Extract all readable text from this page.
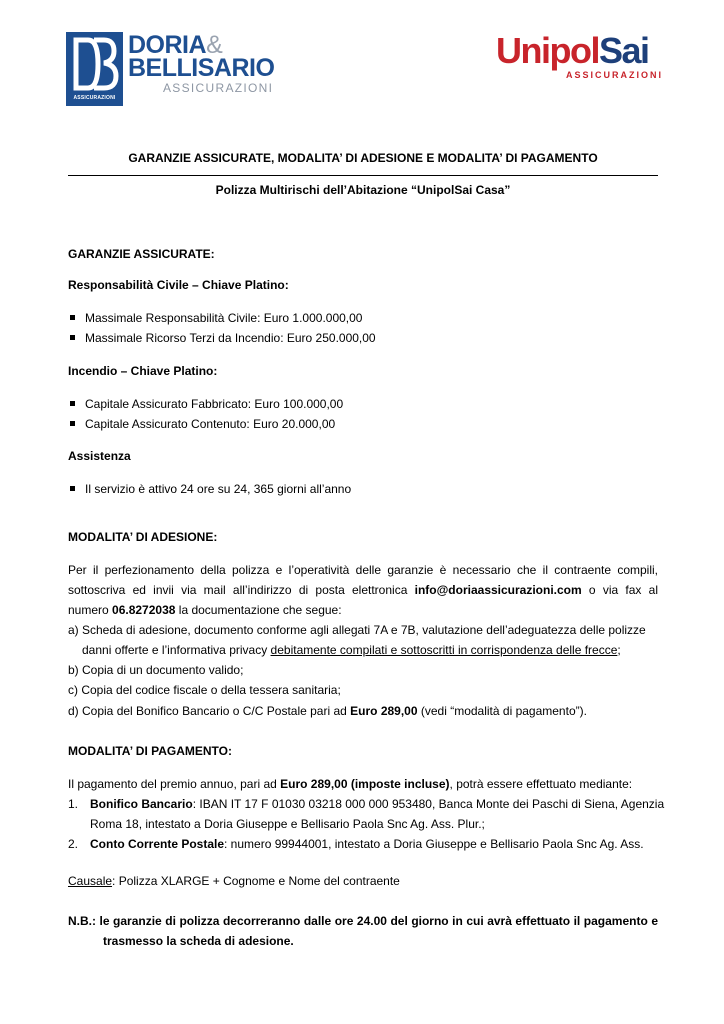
ASSICURAZIONI
DORIA&
BELLISARIO
ASSICURAZIONI
UnipolSai
ASSICURAZIONI
GARANZIE ASSICURATE, MODALITA’ DI ADESIONE E MODALITA’ DI PAGAMENTO
Polizza Multirischi dell’Abitazione “UnipolSai Casa”
GARANZIE ASSICURATE:
Responsabilità Civile – Chiave Platino:
Massimale Responsabilità Civile: Euro 1.000.000,00
Massimale Ricorso Terzi da Incendio: Euro 250.000,00
Incendio – Chiave Platino:
Capitale Assicurato Fabbricato: Euro 100.000,00
Capitale Assicurato Contenuto: Euro 20.000,00
Assistenza
Il servizio è attivo 24 ore su 24, 365 giorni all’anno
MODALITA’ DI ADESIONE:
Per il perfezionamento della polizza e l’operatività delle garanzie è necessario che il contraente compili,
sottoscriva ed invii via mail all’indirizzo di posta elettronica info@doriaassicurazioni.com o via fax al
numero 06.8272038 la documentazione che segue:
a) Scheda di adesione, documento conforme agli allegati 7A e 7B, valutazione dell’adeguatezza delle polizze
danni offerte e l’informativa privacy debitamente compilati e sottoscritti in corrispondenza delle frecce;
b) Copia di un documento valido;
c) Copia del codice fiscale o della tessera sanitaria;
d) Copia del Bonifico Bancario o C/C Postale pari ad Euro 289,00 (vedi “modalità di pagamento”).
MODALITA’ DI PAGAMENTO:
Il pagamento del premio annuo, pari ad Euro 289,00 (imposte incluse), potrà essere effettuato mediante:
1. Bonifico Bancario: IBAN IT 17 F 01030 03218 000 000 953480, Banca Monte dei Paschi di Siena, Agenzia
Roma 18, intestato a Doria Giuseppe e Bellisario Paola Snc Ag. Ass. Plur.;
2. Conto Corrente Postale: numero 99944001, intestato a Doria Giuseppe e Bellisario Paola Snc Ag. Ass.
Causale: Polizza XLARGE + Cognome e Nome del contraente
N.B.: le garanzie di polizza decorreranno dalle ore 24.00 del giorno in cui avrà effettuato il pagamento e
trasmesso la scheda di adesione.
